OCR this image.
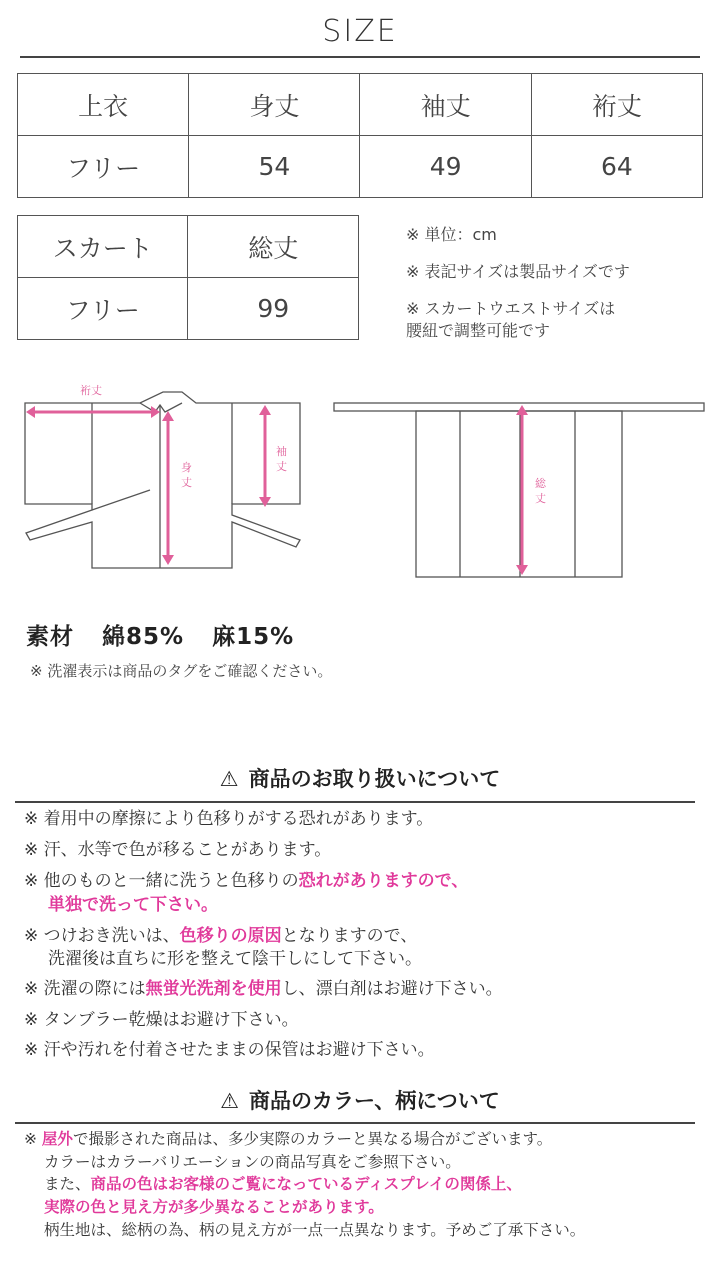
SIZE
上衣	身丈	袖丈	裄丈
フリー	54	49	64
スカート	総丈
フリー	99
※ 単位：cm
※ 表記サイズは製品サイズです
※ スカートウエストサイズは
腰紐で調整可能です
裄丈
身
丈
袖
丈
総
丈
素材 綿85% 麻15%
※ 洗濯表示は商品のタグをご確認ください。
⚠ 商品のお取り扱いについて
※ 着用中の摩擦により色移りがする恐れがあります。
※ 汗、水等で色が移ることがあります。
※ 他のものと一緒に洗うと色移りの恐れがありますので、
単独で洗って下さい。
※ つけおき洗いは、色移りの原因となりますので、
洗濯後は直ちに形を整えて陰干しにして下さい。
※ 洗濯の際には無蛍光洗剤を使用し、漂白剤はお避け下さい。
※ タンブラー乾燥はお避け下さい。
※ 汗や汚れを付着させたままの保管はお避け下さい。
⚠ 商品のカラー、柄について
※ 屋外で撮影された商品は、多少実際のカラーと異なる場合がございます。
カラーはカラーバリエーションの商品写真をご参照下さい。
また、商品の色はお客様のご覧になっているディスプレイの関係上、
実際の色と見え方が多少異なることがあります。
柄生地は、総柄の為、柄の見え方が一点一点異なります。予めご了承下さい。
